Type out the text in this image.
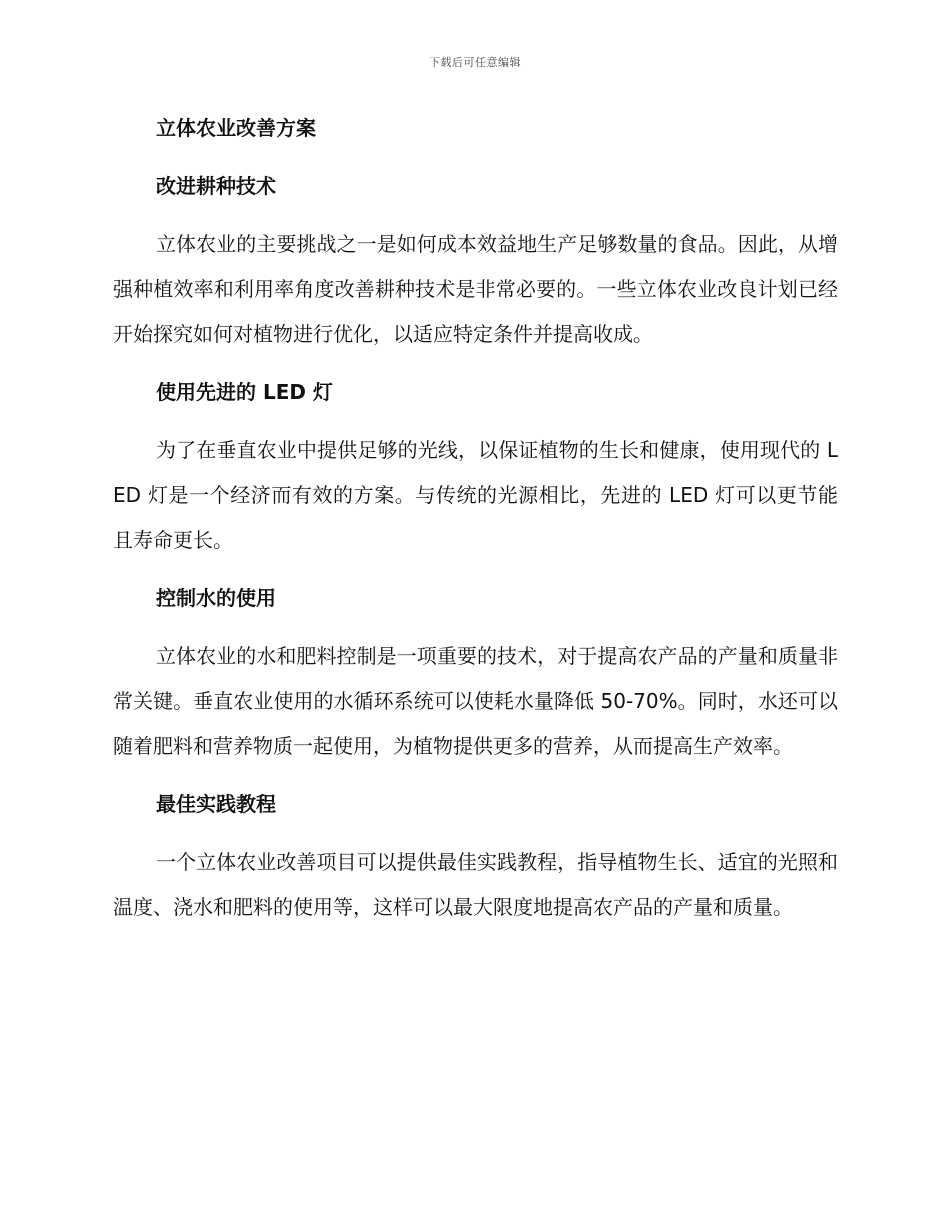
下载后可任意编辑
立体农业改善方案
改进耕种技术

立体农业的主要挑战之一是如何成本效益地生产足够数量的食品。因此，从增强种植效率和利用率角度改善耕种技术是非常必要的。一些立体农业改良计划已经开始探究如何对植物进行优化，以适应特定条件并提高收成。

使用先进的 LED 灯

为了在垂直农业中提供足够的光线，以保证植物的生长和健康，使用现代的 LED 灯是一个经济而有效的方案。与传统的光源相比，先进的 LED 灯可以更节能且寿命更长。

控制水的使用

立体农业的水和肥料控制是一项重要的技术，对于提高农产品的产量和质量非常关键。垂直农业使用的水循环系统可以使耗水量降低 50-70%。同时，水还可以随着肥料和营养物质一起使用，为植物提供更多的营养，从而提高生产效率。

最佳实践教程

一个立体农业改善项目可以提供最佳实践教程，指导植物生长、适宜的光照和温度、浇水和肥料的使用等，这样可以最大限度地提高农产品的产量和质量。
